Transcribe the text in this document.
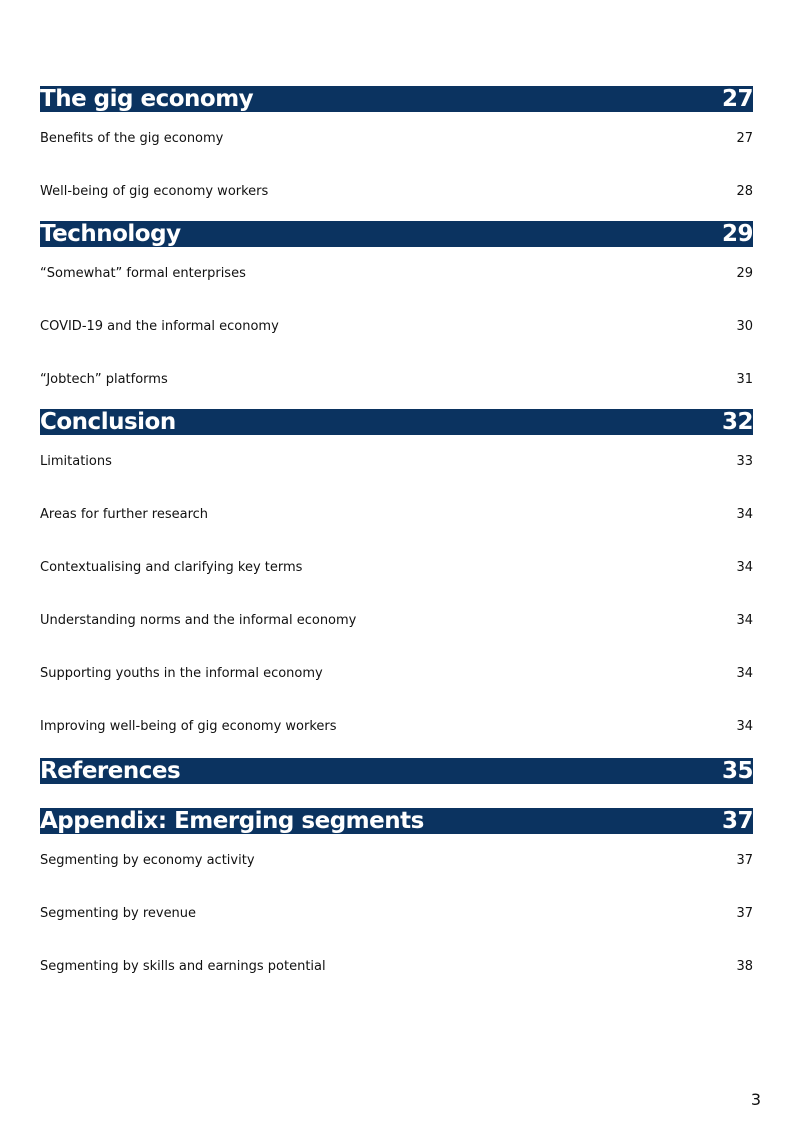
The gig economy	27
Benefits of the gig economy	27
Well-being of gig economy workers	28
Technology	29
“Somewhat” formal enterprises	29
COVID-19 and the informal economy	30
“Jobtech” platforms	31
Conclusion	32
Limitations	33
Areas for further research	34
Contextualising and clarifying key terms	34
Understanding norms and the informal economy	34
Supporting youths in the informal economy	34
Improving well-being of gig economy workers	34
References	35
Appendix: Emerging segments	37
Segmenting by economy activity	37
Segmenting by revenue	37
Segmenting by skills and earnings potential	38
3
